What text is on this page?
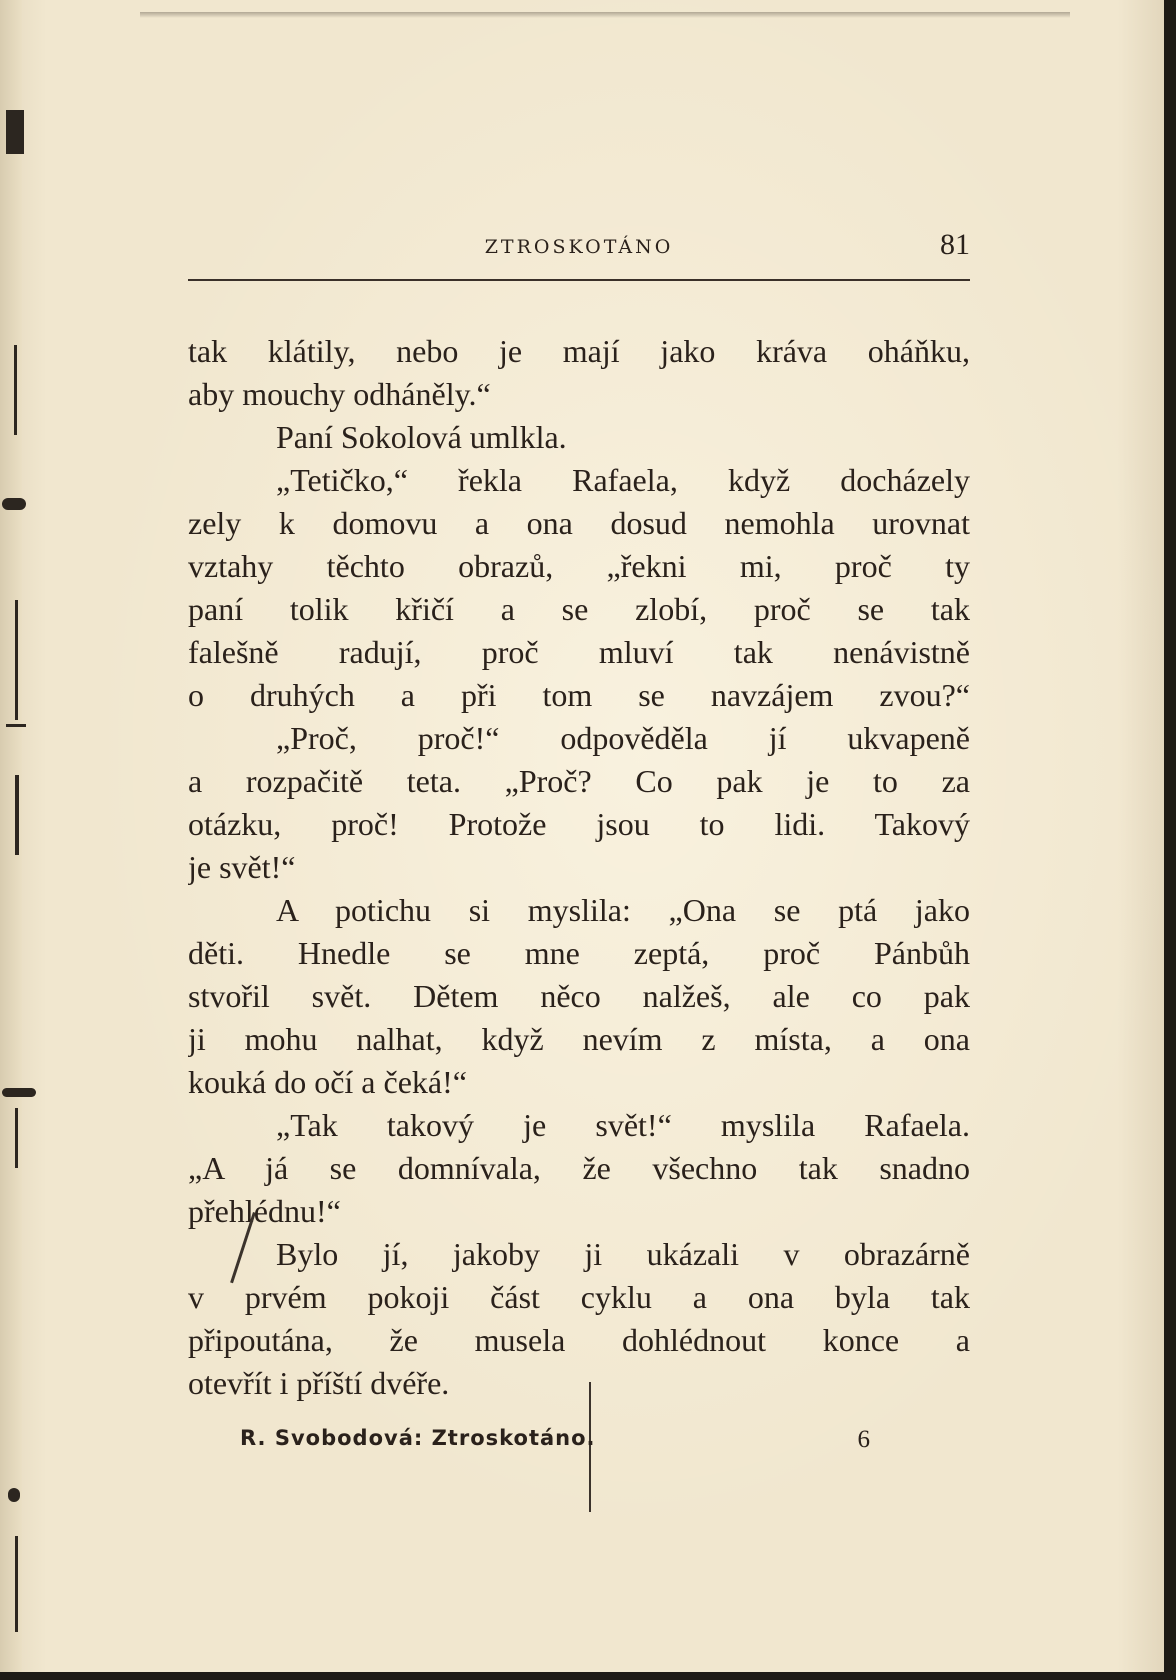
ZTROSKOTÁNO	81
tak klátily, nebo je mají jako kráva oháňku,
aby mouchy odháněly.“
Paní Sokolová umlkla.
„Tetičko,“ řekla Rafaela, když docházely
zely k domovu a ona dosud nemohla urovnat
vztahy těchto obrazů, „řekni mi, proč ty
paní tolik křičí a se zlobí, proč se tak
falešně radují, proč mluví tak nenávistně
o druhých a při tom se navzájem zvou?“
„Proč, proč!“ odpověděla jí ukvapeně
a rozpačitě teta. „Proč? Co pak je to za
otázku, proč! Protože jsou to lidi. Takový
je svět!“
A potichu si myslila: „Ona se ptá jako
děti. Hnedle se mne zeptá, proč Pánbůh
stvořil svět. Dětem něco nalžeš, ale co pak
ji mohu nalhat, když nevím z místa, a ona
kouká do očí a čeká!“
„Tak takový je svět!“ myslila Rafaela.
„A já se domnívala, že všechno tak snadno
přehlédnu!“
Bylo jí, jakoby ji ukázali v obrazárně
v prvém pokoji část cyklu a ona byla tak
připoutána, že musela dohlédnout konce a
otevřít i příští dvéře.
R. Svobodová: Ztroskotáno.	6
